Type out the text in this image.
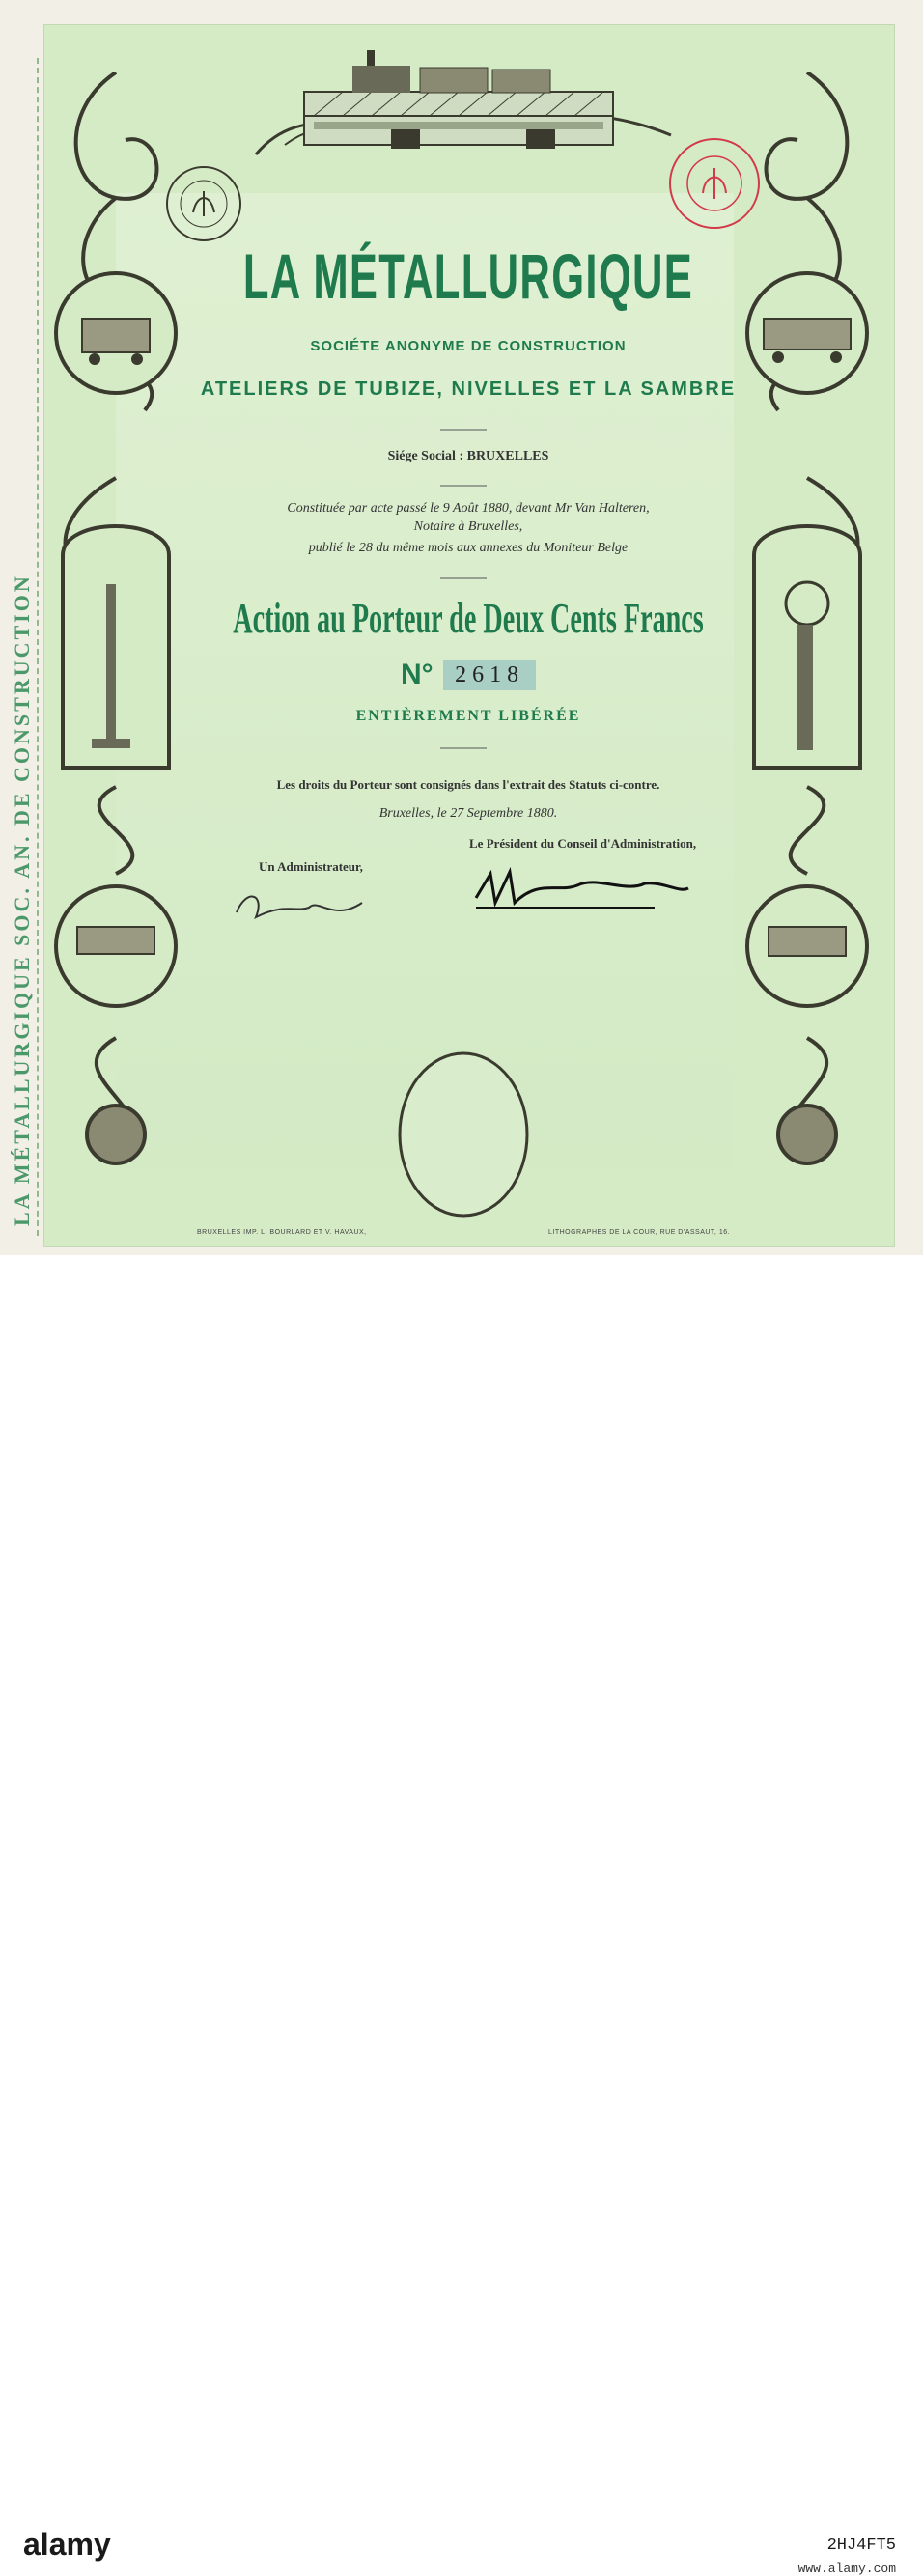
LA MÉTALLURGIQUE SOC. AN. DE CONSTRUCTION
LA MÉTALLURGIQUE
SOCIÉTE ANONYME DE CONSTRUCTION
ATELIERS DE TUBIZE, NIVELLES ET LA SAMBRE
Siége Social : BRUXELLES
Constituée par acte passé le 9 Août 1880, devant Mr Van Halteren,
Notaire à Bruxelles,
publié le 28 du même mois aux annexes du Moniteur Belge
Action au Porteur de Deux Cents Francs
N° 2618
ENTIÈREMENT LIBÉRÉE
Les droits du Porteur sont consignés dans l'extrait des Statuts ci-contre.
Bruxelles, le 27 Septembre 1880.
Un Administrateur,
Le Président du Conseil d'Administration,
BRUXELLES IMP. L. BOURLARD ET V. HAVAUX,	LITHOGRAPHES DE LA COUR, RUE D'ASSAUT, 16.
alamy	2HJ4FT5
www.alamy.com
